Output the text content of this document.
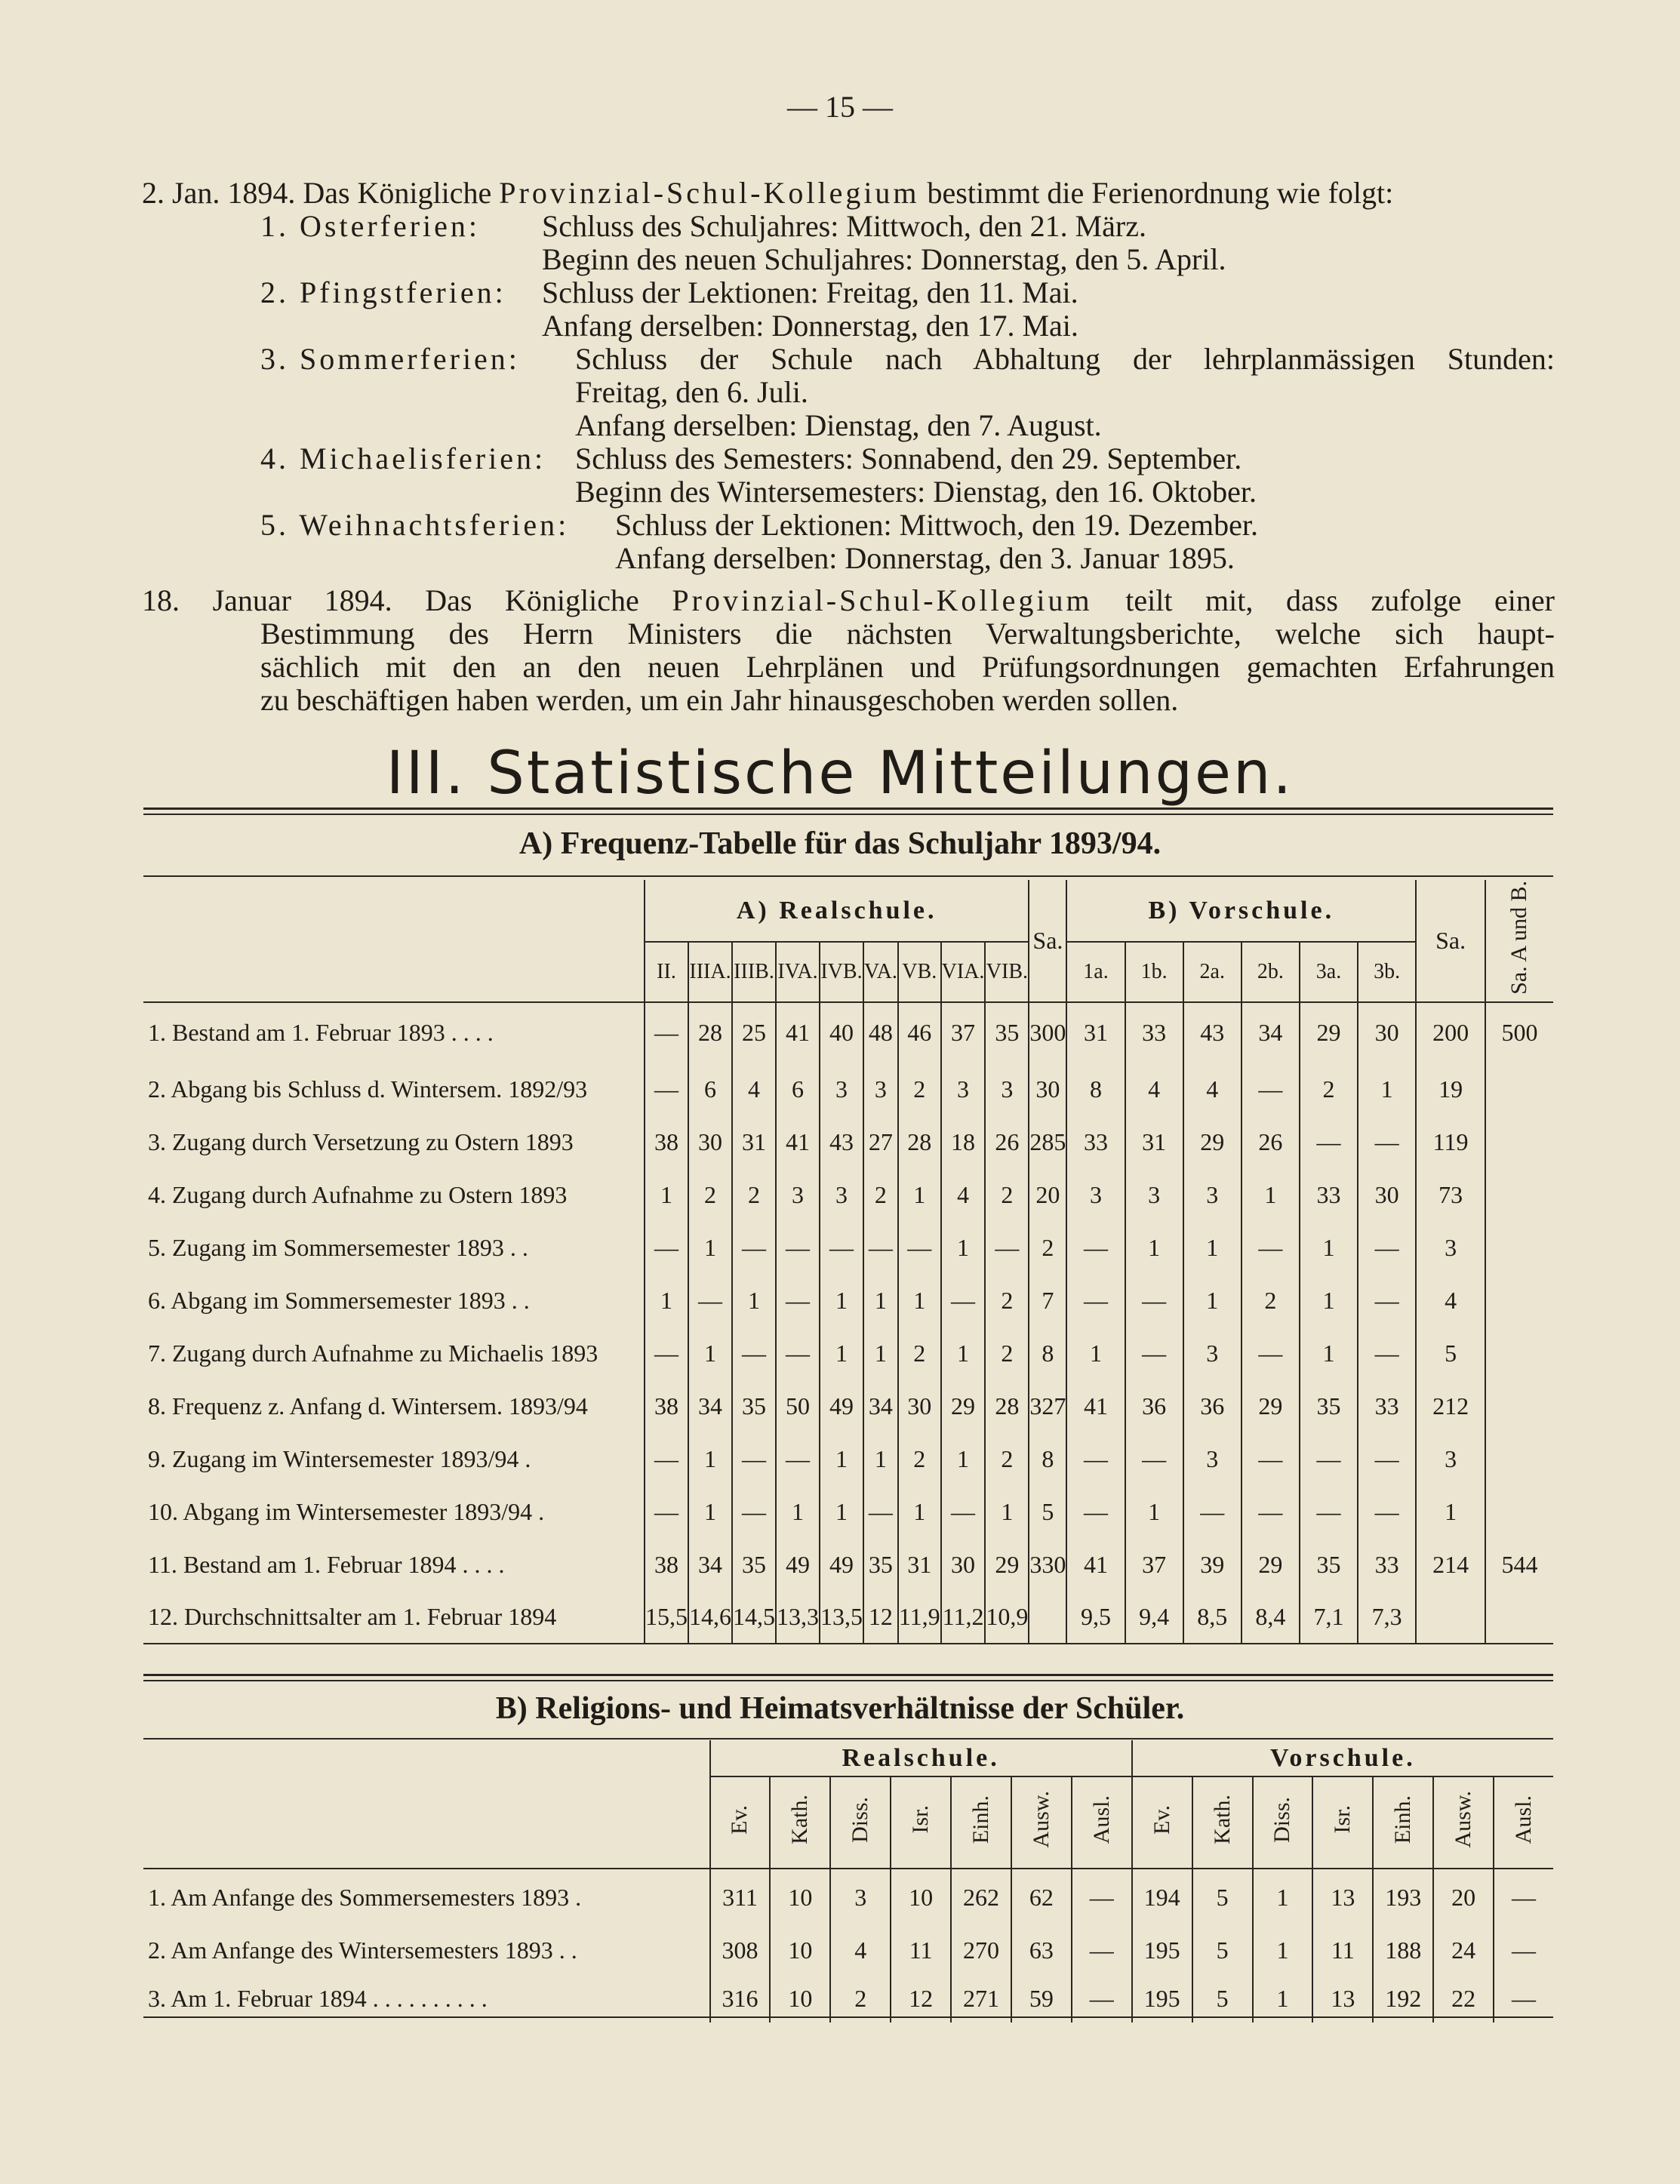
— 15 —
2. Jan. 1894. Das Königliche Provinzial-Schul-Kollegium bestimmt die Ferienordnung wie folgt:
1. Osterferien: Schluss des Schuljahres: Mittwoch, den 21. März.
Beginn des neuen Schuljahres: Donnerstag, den 5. April.
2. Pfingstferien: Schluss der Lektionen: Freitag, den 11. Mai.
Anfang derselben: Donnerstag, den 17. Mai.
3. Sommerferien: Schluss der Schule nach Abhaltung der lehrplanmässigen Stunden:
Freitag, den 6. Juli.
Anfang derselben: Dienstag, den 7. August.
4. Michaelisferien: Schluss des Semesters: Sonnabend, den 29. September.
Beginn des Wintersemesters: Dienstag, den 16. Oktober.
5. Weihnachtsferien: Schluss der Lektionen: Mittwoch, den 19. Dezember.
Anfang derselben: Donnerstag, den 3. Januar 1895.
18. Januar 1894. Das Königliche Provinzial-Schul-Kollegium teilt mit, dass zufolge einer
Bestimmung des Herrn Ministers die nächsten Verwaltungsberichte, welche sich haupt-
sächlich mit den an den neuen Lehrplänen und Prüfungsordnungen gemachten Erfahrungen
zu beschäftigen haben werden, um ein Jahr hinausgeschoben werden sollen.
III. Statistische Mitteilungen.
A) Frequenz-Tabelle für das Schuljahr 1893/94.
	A) Realschule.									Sa.	B) Vorschule.						Sa.	Sa. A und B.
	II.	IIIA.	IIIB.	IVA.	IVB.	VA.	VB.	VIA.	VIB.		1a.	1b.	2a.	2b.	3a.	3b.		
1. Bestand am 1. Februar 1893 . . . .	—	28	25	41	40	48	46	37	35	300	31	33	43	34	29	30	200	500
2. Abgang bis Schluss d. Wintersem. 1892/93	—	6	4	6	3	3	2	3	3	30	8	4	4	—	2	1	19	
3. Zugang durch Versetzung zu Ostern 1893	38	30	31	41	43	27	28	18	26	285	33	31	29	26	—	—	119	
4. Zugang durch Aufnahme zu Ostern 1893	1	2	2	3	3	2	1	4	2	20	3	3	3	1	33	30	73	
5. Zugang im Sommersemester 1893 . .	—	1	—	—	—	—	—	1	—	2	—	1	1	—	1	—	3	
6. Abgang im Sommersemester 1893 . .	1	—	1	—	1	1	1	—	2	7	—	—	1	2	1	—	4	
7. Zugang durch Aufnahme zu Michaelis 1893	—	1	—	—	1	1	2	1	2	8	1	—	3	—	1	—	5	
8. Frequenz z. Anfang d. Wintersem. 1893/94	38	34	35	50	49	34	30	29	28	327	41	36	36	29	35	33	212	
9. Zugang im Wintersemester 1893/94 .	—	1	—	—	1	1	2	1	2	8	—	—	3	—	—	—	3	
10. Abgang im Wintersemester 1893/94 .	—	1	—	1	1	—	1	—	1	5	—	1	—	—	—	—	1	
11. Bestand am 1. Februar 1894 . . . .	38	34	35	49	49	35	31	30	29	330	41	37	39	29	35	33	214	544
12. Durchschnittsalter am 1. Februar 1894	15,5	14,6	14,5	13,3	13,5	12	11,9	11,2	10,9		9,5	9,4	8,5	8,4	7,1	7,3		
B) Religions- und Heimatsverhältnisse der Schüler.
	Realschule.							Vorschule.						
	Ev.	Kath.	Diss.	Isr.	Einh.	Ausw.	Ausl.	Ev.	Kath.	Diss.	Isr.	Einh.	Ausw.	Ausl.
1. Am Anfange des Sommersemesters 1893 .	311	10	3	10	262	62	—	194	5	1	13	193	20	—
2. Am Anfange des Wintersemesters 1893 . .	308	10	4	11	270	63	—	195	5	1	11	188	24	—
3. Am 1. Februar 1894 . . . . . . . . . .	316	10	2	12	271	59	—	195	5	1	13	192	22	—
